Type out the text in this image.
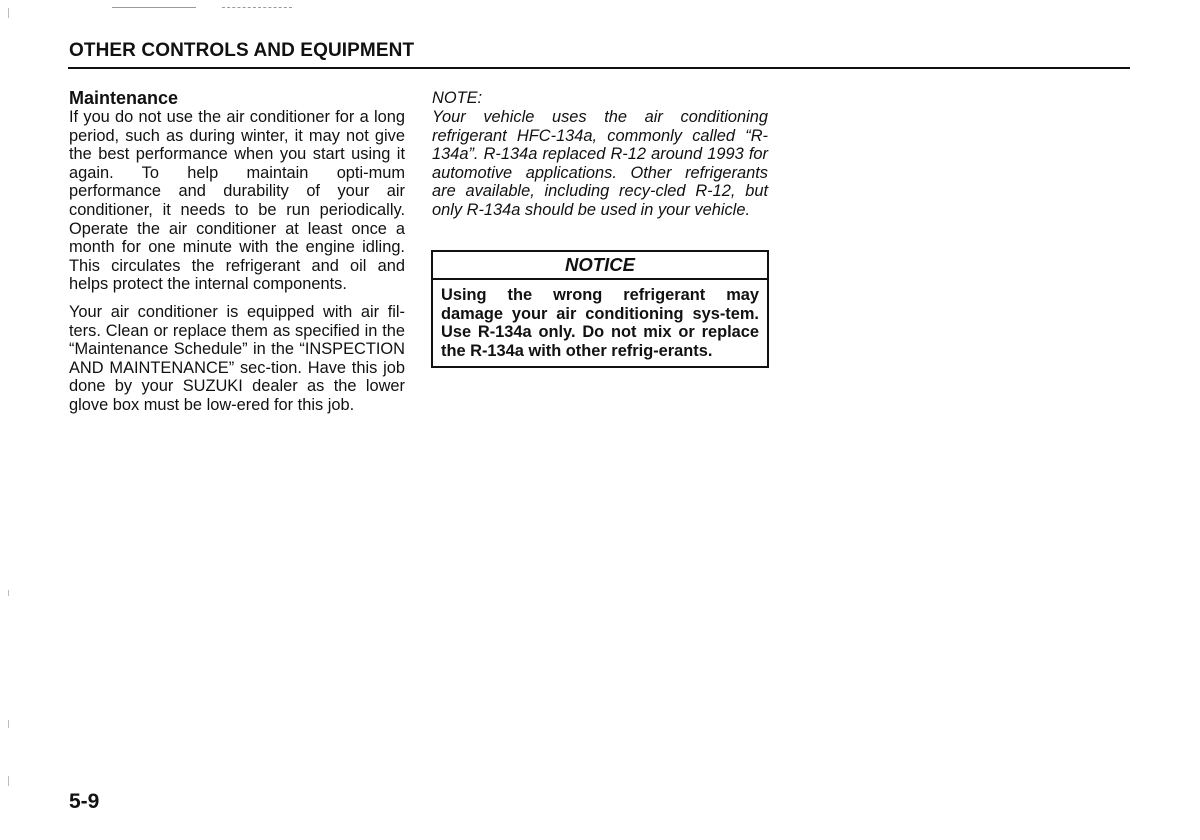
OTHER CONTROLS AND EQUIPMENT
Maintenance

If you do not use the air conditioner for a long period, such as during winter, it may not give the best performance when you start using it again. To help maintain opti-mum performance and durability of your air conditioner, it needs to be run periodically. Operate the air conditioner at least once a month for one minute with the engine idling. This circulates the refrigerant and oil and helps protect the internal components.

Your air conditioner is equipped with air fil-ters. Clean or replace them as specified in the “Maintenance Schedule” in the “INSPECTION AND MAINTENANCE” sec-tion. Have this job done by your SUZUKI dealer as the lower glove box must be low-ered for this job.

NOTE:

Your vehicle uses the air conditioning refrigerant HFC-134a, commonly called “R-134a”. R-134a replaced R-12 around 1993 for automotive applications. Other refrigerants are available, including recy-cled R-12, but only R-134a should be used in your vehicle.

NOTICE

Using the wrong refrigerant may damage your air conditioning sys-tem. Use R-134a only. Do not mix or replace the R-134a with other refrig-erants.

5-9
